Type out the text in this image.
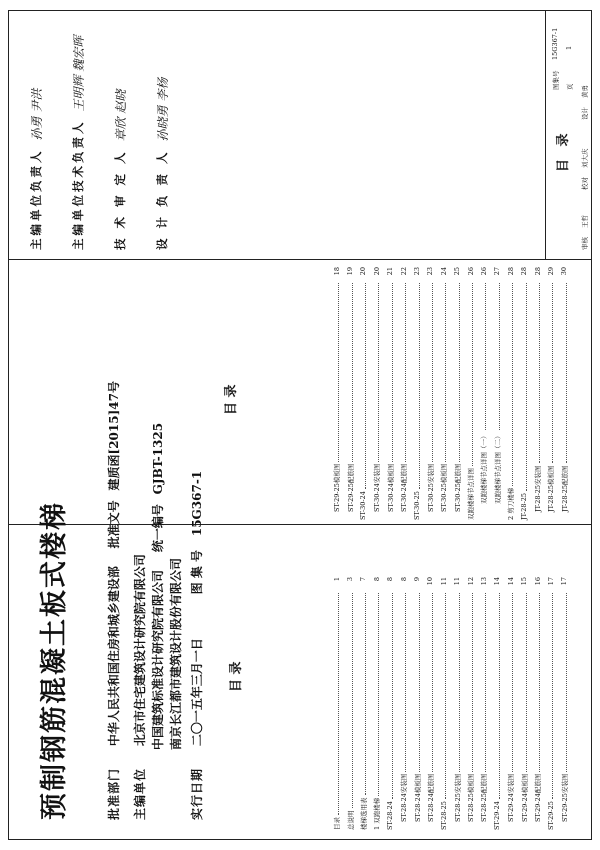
预制钢筋混凝土板式楼梯	批准部门 中华人民共和国住房和城乡建设部 批准文号 建质函[2015]47号
主编单位 北京市住宅建筑设计研究院有限公司 中国建筑标准设计研究院有限公司 统一编号 GJBT-1325
南京长江都市建筑设计股份有限公司
实行日期 二〇一五年三月一日 图 集 号 15G367-1
目 录
目 录
目录
1
总说明
3
楼梯选用表
7
1 双跑楼梯
8
ST-28-24
8
ST-28-24安装图
8
ST-28-24模板图
9
ST-28-24配筋图
10
ST-28-25
11
ST-28-25安装图
11
ST-28-25模板图
12
ST-28-25配筋图
13
ST-29-24
14
ST-29-24安装图
14
ST-29-24模板图
15
ST-29-24配筋图
16
ST-29-25
17
ST-29-25安装图
17
ST-29-25模板图
18
ST-29-25配筋图
19
ST-30-24
20
ST-30-24安装图
20
ST-30-24模板图
21
ST-30-24配筋图
22
ST-30-25
23
ST-30-25安装图
23
ST-30-25模板图
24
ST-30-25配筋图
25
双跑楼梯节点详图
26
双跑楼梯节点详图（一）
26
双跑楼梯节点详图（二）
27
2 剪刀楼梯
28
JT-28-25
28
JT-28-25安装图
28
JT-28-25模板图
29
JT-28-25配筋图
30
主编单位负责人
孙勇 尹洪
主编单位技术负责人
王明辉 魏宏晖
技 术 审 定 人
章欣 赵晓
设 计 负 责 人
孙晓勇 李杨
目 录
图集号
15G367-1
页
1
审核
王哲
校对
刘大庆
设计
黄勇
